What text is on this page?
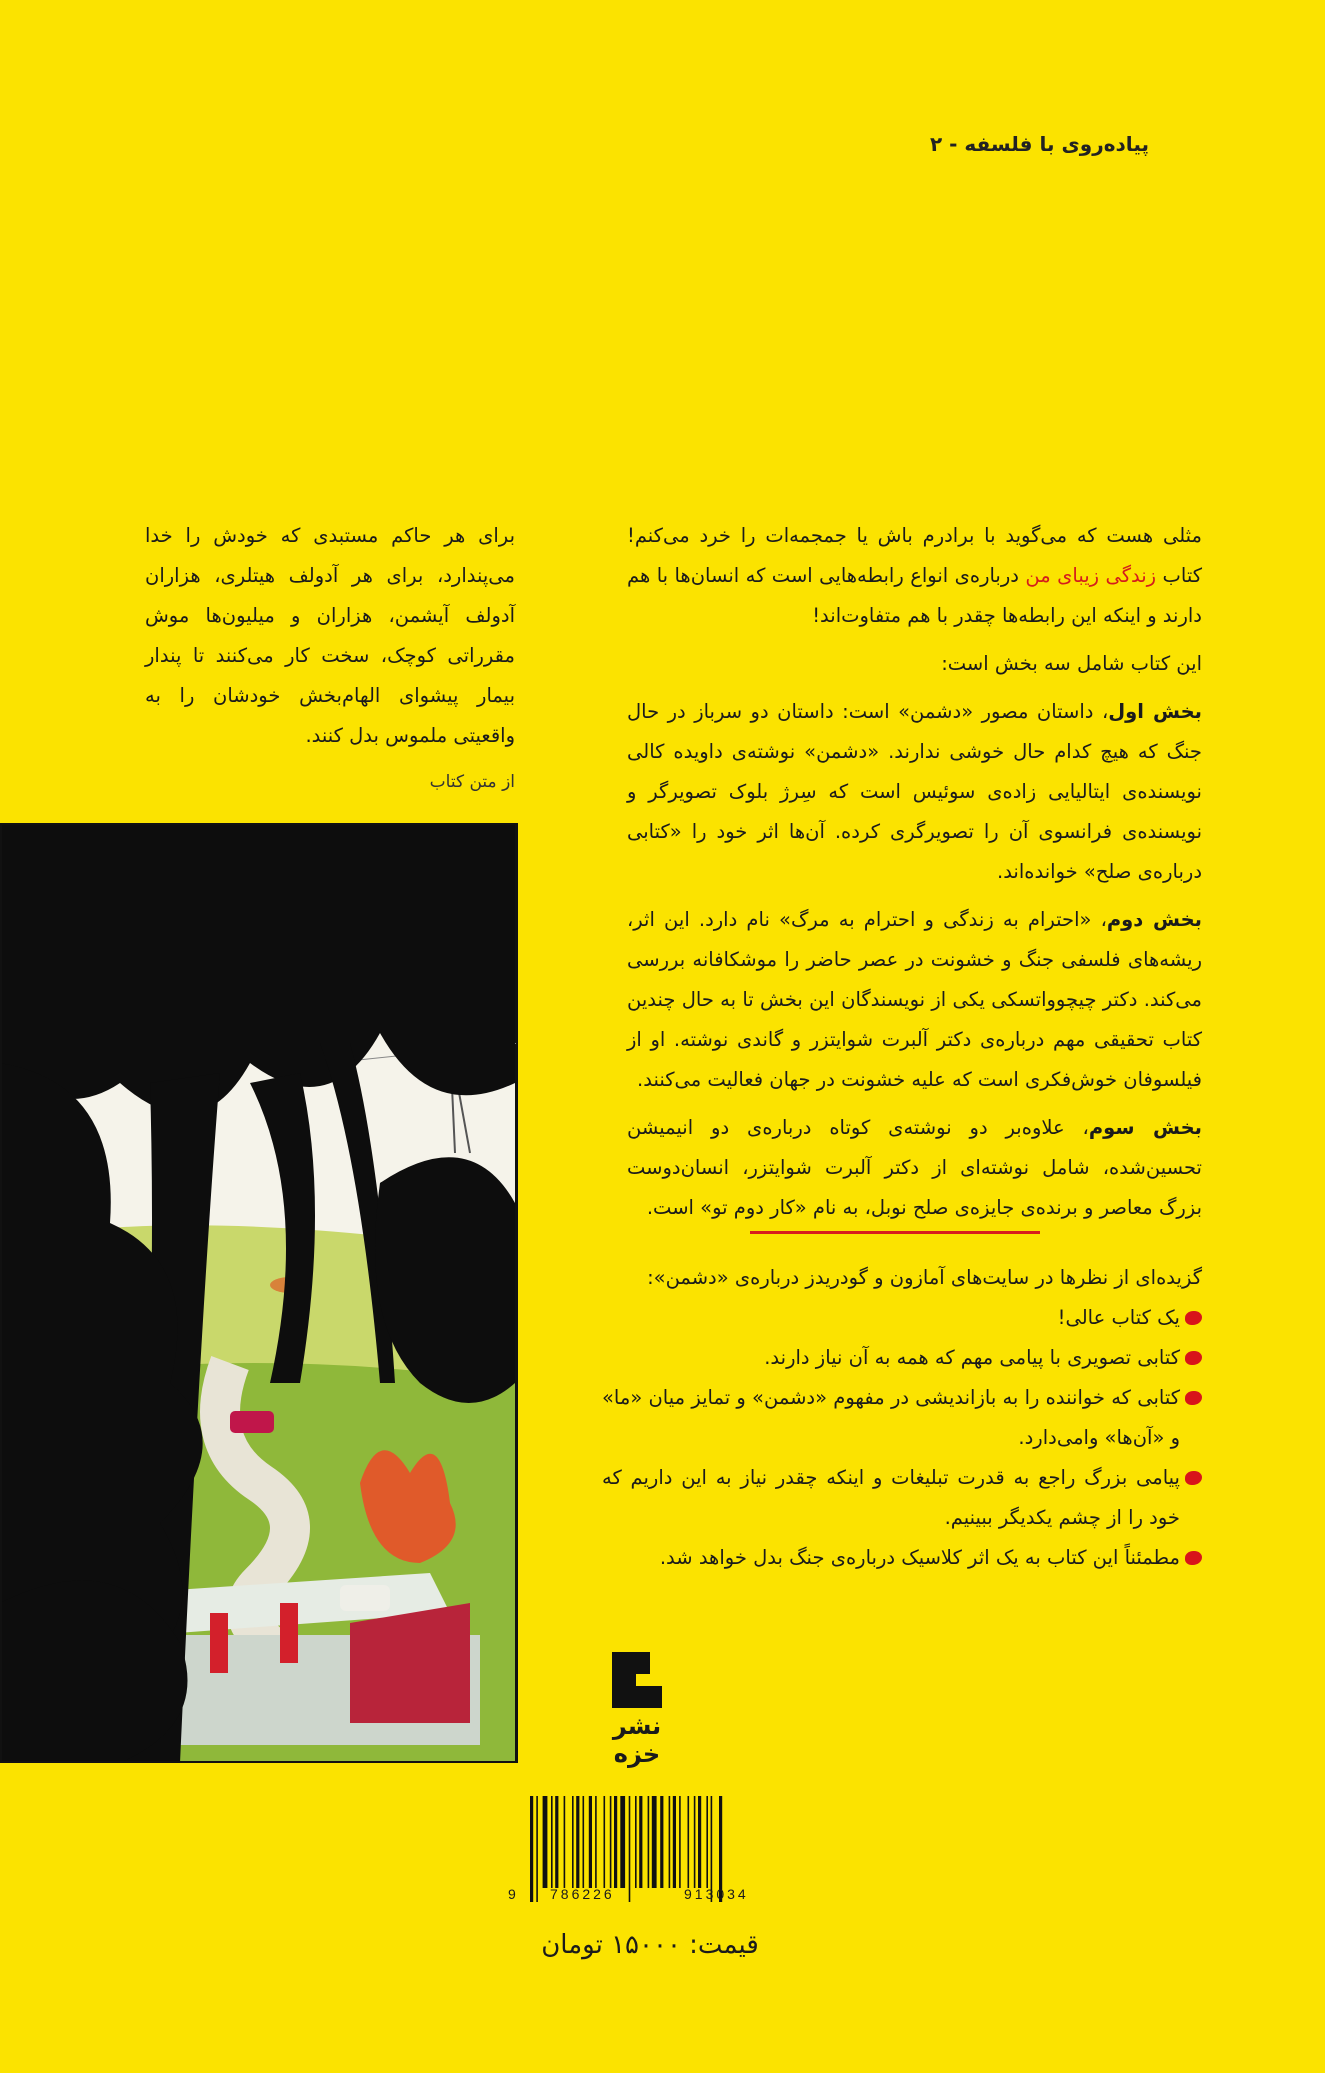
پیاده‌روی با فلسفه - ۲

مثلی هست که می‌گوید با برادرم باش یا جمجمه‌ات را خرد می‌کنم! کتاب زندگی زیبای من درباره‌ی انواع رابطه‌هایی است که انسان‌ها با هم دارند و اینکه این رابطه‌ها چقدر با هم متفاوت‌اند!

این کتاب شامل سه بخش است:

بخش اول، داستان مصور «دشمن» است: داستان دو سرباز در حال جنگ که هیچ کدام حال خوشی ندارند. «دشمن» نوشته‌ی داوید‌ه کالی نویسنده‌ی ایتالیایی‌ زاده‌ی سوئیس است که سِرژ بلوک تصویرگر و نویسنده‌ی فرانسوی آن را تصویرگری کرده. آن‌ها اثر خود را «کتابی درباره‌ی صلح» خوانده‌اند.

بخش دوم، «احترام به زندگی و احترام به مرگ» نام دارد. این اثر، ریشه‌های فلسفی جنگ و خشونت در عصر حاضر را موشکافانه بررسی می‌کند. دکتر چیچوواتسکی یکی از نویسندگان این بخش تا به حال چندین کتاب تحقیقی مهم درباره‌ی دکتر آلبرت شوایتزر و گاندی نوشته. او از فیلسوفان خوش‌فکری است که علیه خشونت در جهان فعالیت می‌کنند.

بخش سوم، علاوه‌بر دو نوشته‌ی کوتاه درباره‌ی دو انیمیشن تحسین‌شده، شامل نوشته‌ای از دکتر آلبرت شوایتزر، انسان‌دوست بزرگ معاصر و برنده‌ی جایزه‌ی صلح نوبل، به نام «کار دوم تو» است.

گزیده‌ای از نظرها در سایت‌های آمازون و گودریدز درباره‌ی «دشمن»:

یک کتاب عالی!
کتابی تصویری با پیامی مهم که همه به آن نیاز دارند.
کتابی که خواننده را به بازاندیشی در مفهوم «دشمن» و تمایز میان «ما» و «آن‌ها» وامی‌دارد.
پیامی بزرگ راجع به قدرت تبلیغات و اینکه چقدر نیاز به این داریم که خود را از چشم یکدیگر ببینیم.
مطمئناً این کتاب به یک اثر کلاسیک درباره‌ی جنگ بدل خواهد شد.

برای هر حاکم مستبدی که خودش را خدا می‌پندارد، برای هر آدولف هیتلری، هزاران آدولف آیشمن، هزاران و میلیون‌ها موش مقرراتی کوچک، سخت کار می‌کنند تا پندار بیمار پیشوای الهام‌بخش خودشان را به واقعیتی ملموس بدل کنند.

از متن کتاب
نشر خزه
9 786226	913034
قیمت: ۱۵۰۰۰ تومان
